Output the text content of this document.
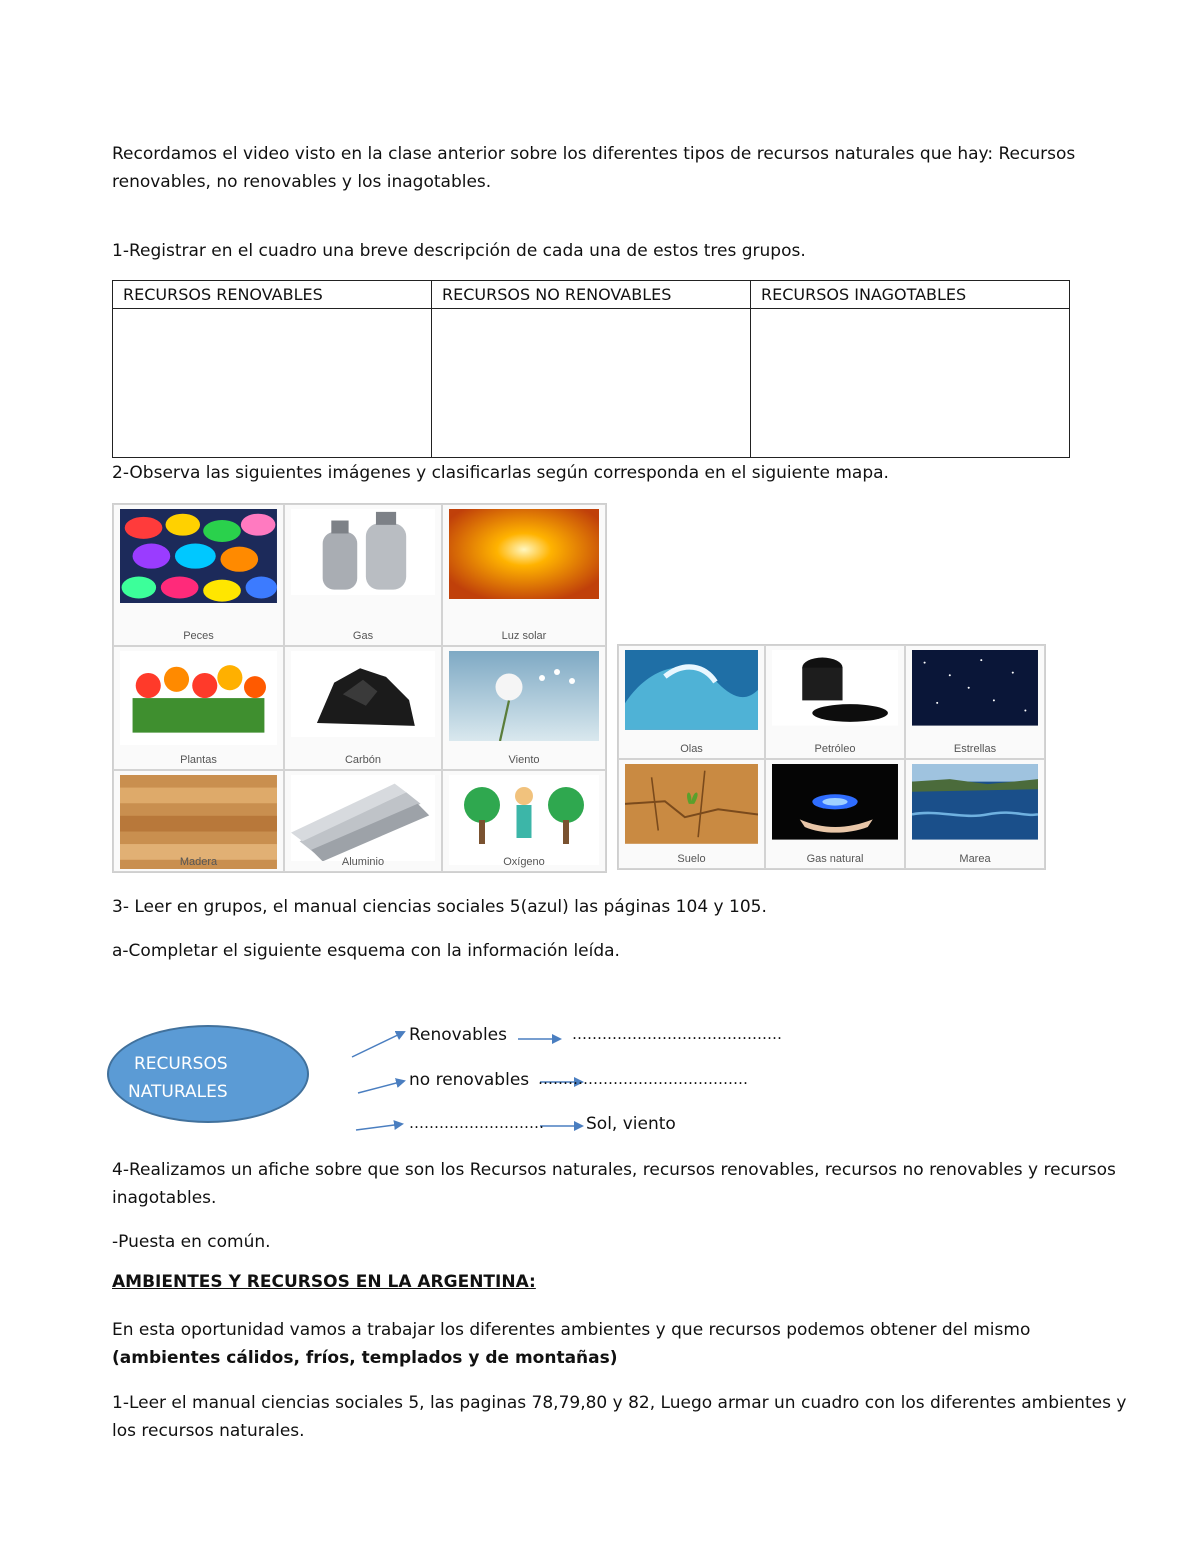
Recordamos el video visto en la clase anterior sobre los diferentes tipos de recursos naturales que hay: Recursos renovables, no renovables y los inagotables.

1-Registrar en el cuadro una breve descripción de cada una de estos tres grupos.

RECURSOS RENOVABLES	RECURSOS NO RENOVABLES	RECURSOS INAGOTABLES

2-Observa las siguientes imágenes y clasificarlas según corresponda en el siguiente mapa.

Peces	Gas	Luz solar
Plantas	Carbón	Viento
Madera	Aluminio	Oxígeno
Olas	Petróleo	Estrellas
Suelo	Gas natural	Marea

3- Leer en grupos, el manual ciencias sociales 5(azul) las páginas 104 y 105.

a-Completar el siguiente esquema con la información leída.

RECURSOS
NATURALES
Renovables	……………………………………
no renovables ……………………………………
……………………… Sol, viento

4-Realizamos un afiche sobre que son los Recursos naturales, recursos renovables, recursos no renovables y recursos inagotables.

-Puesta en común.

AMBIENTES Y RECURSOS EN LA ARGENTINA:

En esta oportunidad vamos a trabajar los diferentes ambientes y que recursos podemos obtener del mismo
(ambientes cálidos, fríos, templados y de montañas)

1-Leer el manual ciencias sociales 5, las paginas 78,79,80 y 82, Luego armar un cuadro con los diferentes ambientes y los recursos naturales.
